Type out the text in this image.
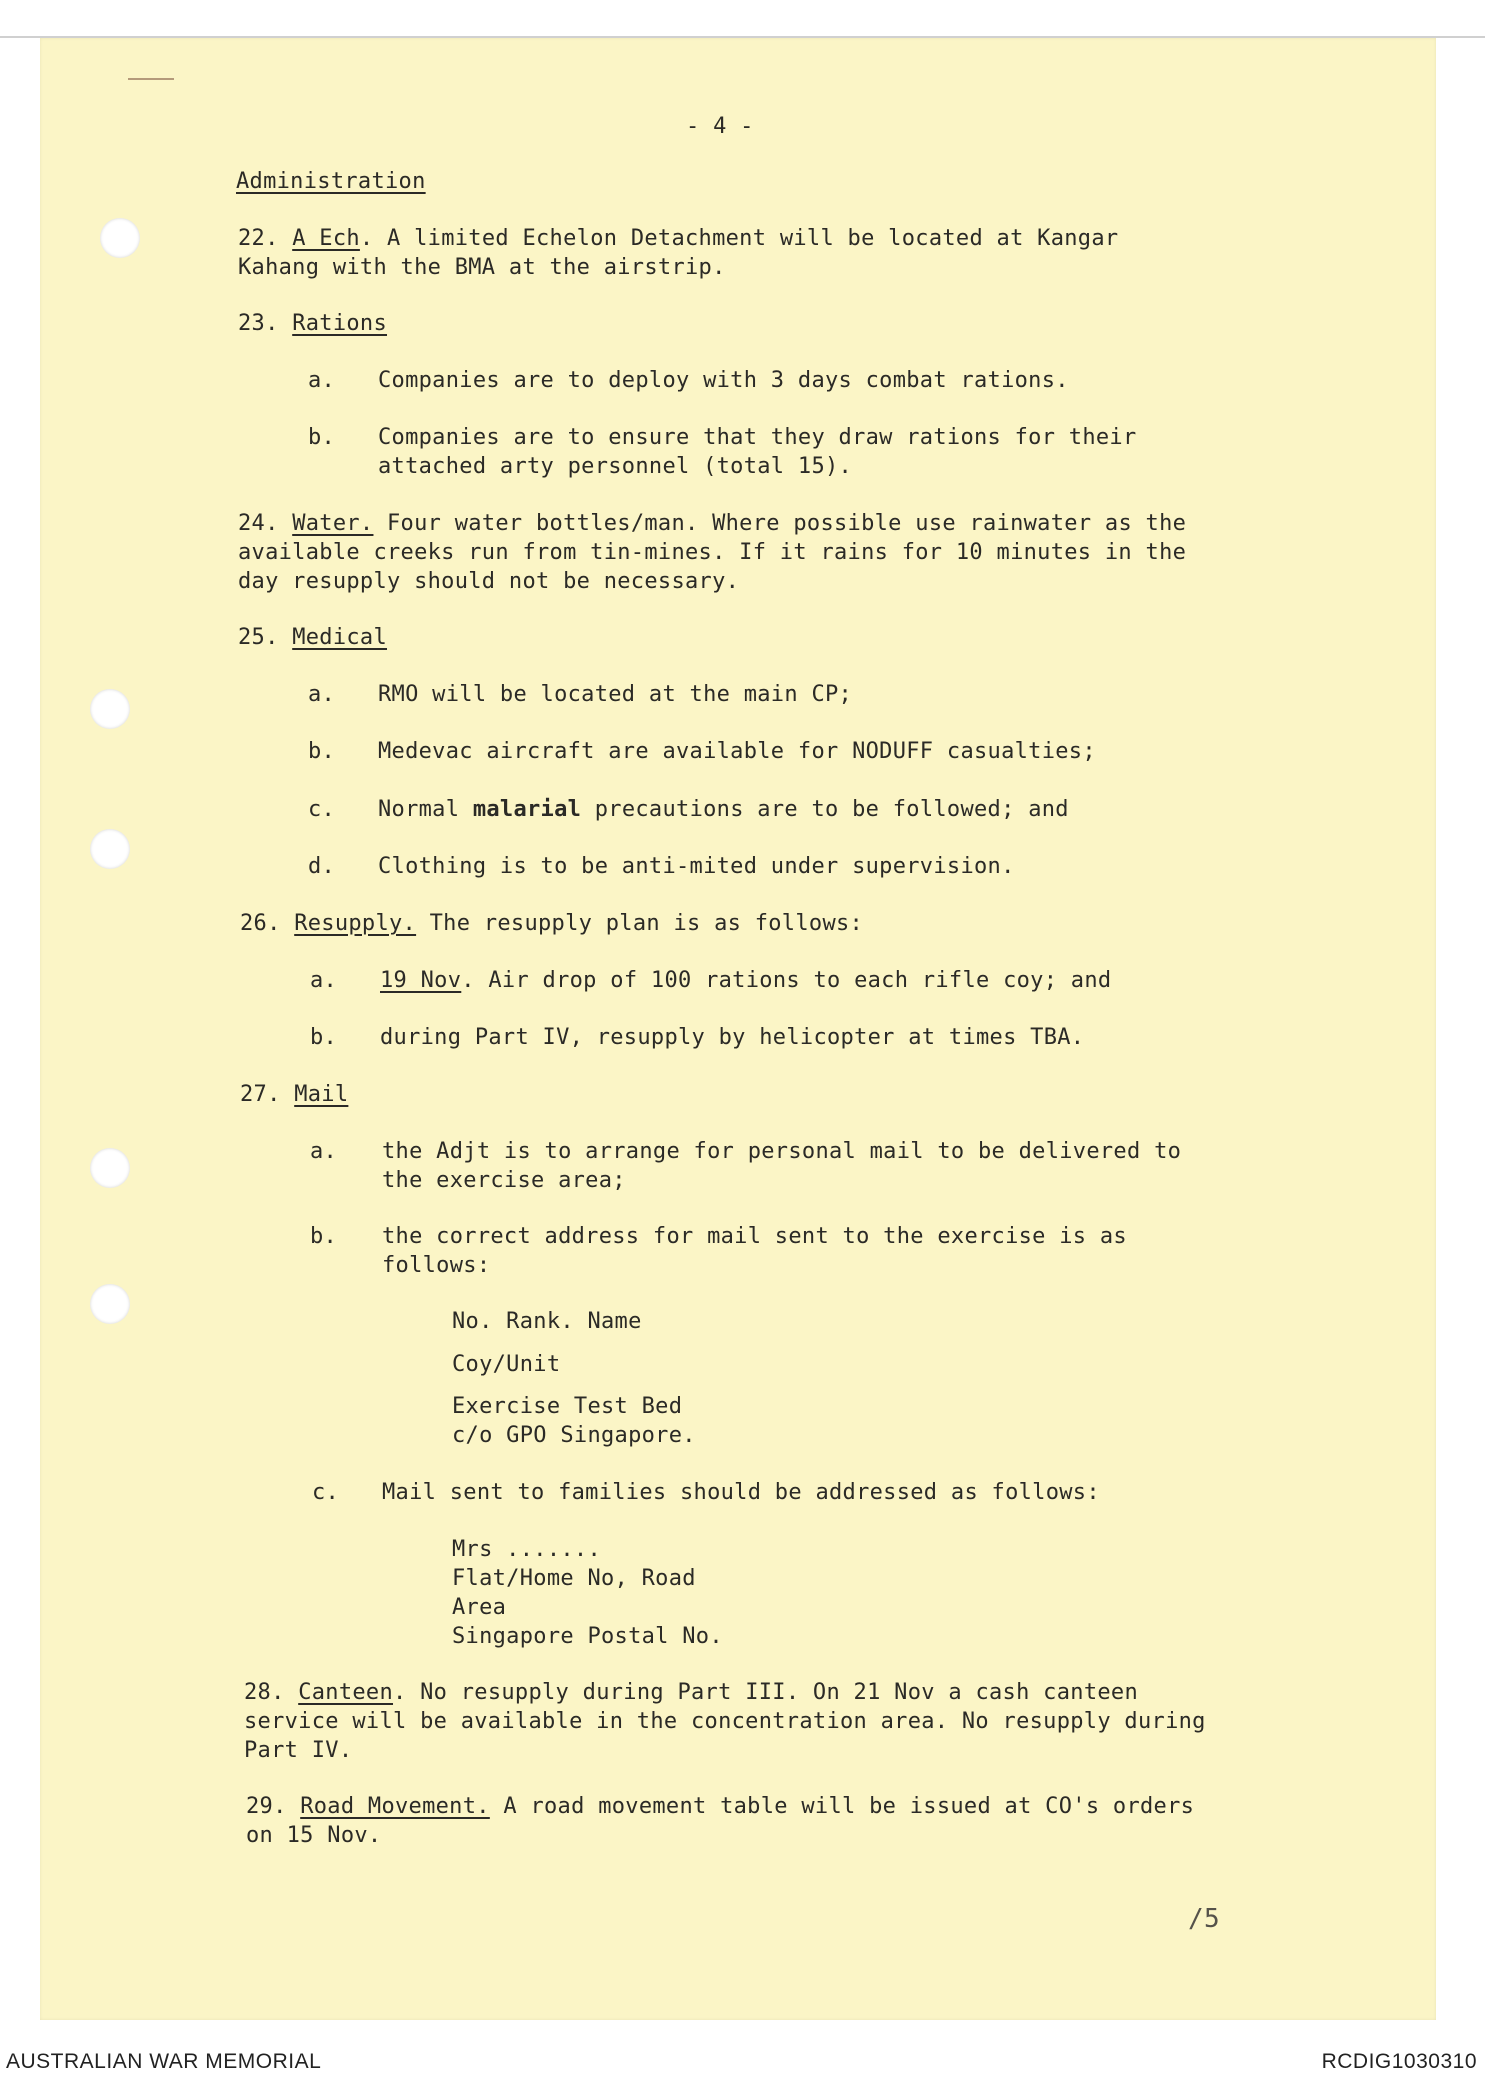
- 4 -
Administration
22. A Ech. A limited Echelon Detachment will be located at Kangar
Kahang with the BMA at the airstrip.
23. Rations
a. Companies are to deploy with 3 days combat rations.
b. Companies are to ensure that they draw rations for their
attached arty personnel (total 15).
24. Water. Four water bottles/man. Where possible use rainwater as the
available creeks run from tin-mines. If it rains for 10 minutes in the
day resupply should not be necessary.
25. Medical
a. RMO will be located at the main CP;
b. Medevac aircraft are available for NODUFF casualties;
c. Normal malarial precautions are to be followed; and
d. Clothing is to be anti-mited under supervision.
26. Resupply. The resupply plan is as follows:
a. 19 Nov. Air drop of 100 rations to each rifle coy; and
b. during Part IV, resupply by helicopter at times TBA.
27. Mail
a. the Adjt is to arrange for personal mail to be delivered to
the exercise area;
b. the correct address for mail sent to the exercise is as
follows:
No. Rank. Name
Coy/Unit
Exercise Test Bed
c/o GPO Singapore.
c. Mail sent to families should be addressed as follows:
Mrs .......
Flat/Home No, Road
Area
Singapore Postal No.
28. Canteen. No resupply during Part III. On 21 Nov a cash canteen
service will be available in the concentration area. No resupply during
Part IV.
29. Road Movement. A road movement table will be issued at CO's orders
on 15 Nov.
/5
AUSTRALIAN WAR MEMORIAL	RCDIG1030310
